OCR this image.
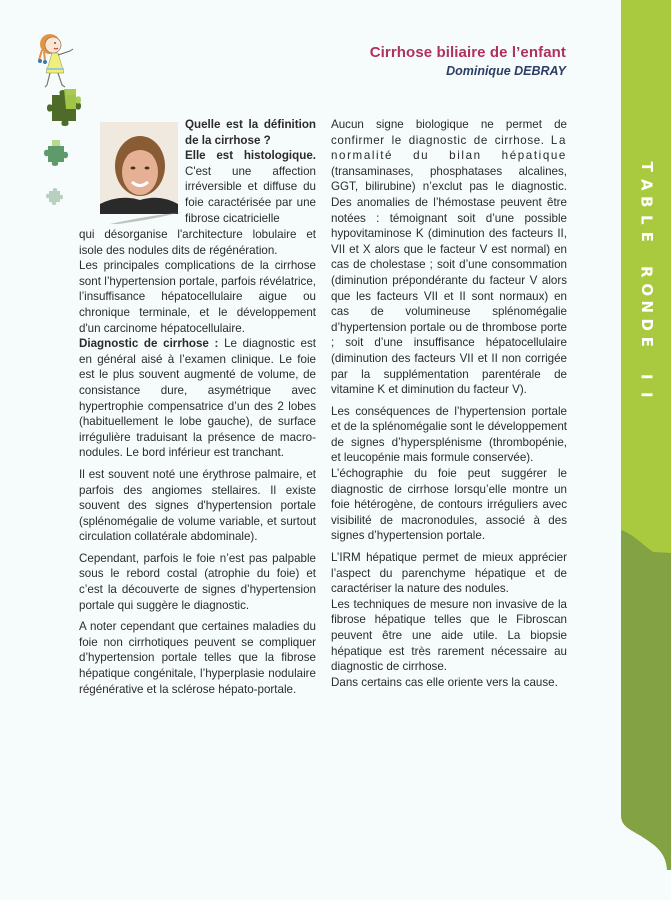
T
A
B
L
E

R
O
N
D
E

I
I
Cirrhose biliaire de l’enfant
Dominique DEBRAY

Quelle est la définition de la cirrhose ?

Elle est histologique. C'est une affection irréversible et diffuse du foie caractérisée par une fibrose cicatricielle

qui désorganise l'architecture lobulaire et isole des nodules dits de régénération.

Les principales complications de la cirrhose sont l’hypertension portale, parfois révélatrice, l’insuffisance hépatocellulaire aigue ou chronique terminale, et le développement d'un carcinome hépatocellulaire.

Diagnostic de cirrhose : Le diagnostic est en général aisé à l’examen clinique. Le foie est le plus souvent augmenté de volume, de consistance dure, asymétrique avec hypertrophie compensatrice d’un des 2 lobes (habituellement le lobe gauche), de surface irrégulière traduisant la présence de macro-nodules. Le bord inférieur est tranchant.

Il est souvent noté une érythrose palmaire, et parfois des angiomes stellaires. Il existe souvent des signes d'hypertension portale (splénomégalie de volume variable, et surtout circulation collatérale abdominale).

Cependant, parfois le foie n’est pas palpable sous le rebord costal (atrophie du foie) et c’est la découverte de signes d’hypertension portale qui suggère le diagnostic.

A noter cependant que certaines maladies du foie non cirrhotiques peuvent se compliquer d’hypertension portale telles que la fibrose hépatique congénitale, l’hyperplasie nodulaire régénérative et la sclérose hépato-portale.

Aucun signe biologique ne permet de confirmer le diagnostic de cirrhose. La normalité du bilan hépatique (transaminases, phosphatases alcalines, GGT, bilirubine) n’exclut pas le diagnostic. Des anomalies de l’hémostase peuvent être notées : témoignant soit d’une possible hypovitaminose K (diminution des facteurs II, VII et X alors que le facteur V est normal) en cas de cholestase ; soit d’une consommation (diminution prépondérante du facteur V alors que les facteurs VII et II sont normaux) en cas de volumineuse splénomégalie d’hypertension portale ou de thrombose porte ; soit d’une insuffisance hépatocellulaire (diminution des facteurs VII et II non corrigée par la supplémentation parentérale de vitamine K et diminution du facteur V).

Les conséquences de l’hypertension portale et de la splénomégalie sont le développement de signes d’hypersplénisme (thrombopénie, et leucopénie mais formule conservée).

L’échographie du foie peut suggérer le diagnostic de cirrhose lorsqu’elle montre un foie hétérogène, de contours irréguliers avec visibilité de macronodules, associé à des signes d’hypertension portale.

L’IRM hépatique permet de mieux apprécier l’aspect du parenchyme hépatique et de caractériser la nature des nodules.

Les techniques de mesure non invasive de la fibrose hépatique telles que le Fibroscan peuvent être une aide utile. La biopsie hépatique est très rarement nécessaire au diagnostic de cirrhose.

Dans certains cas elle oriente vers la cause.
